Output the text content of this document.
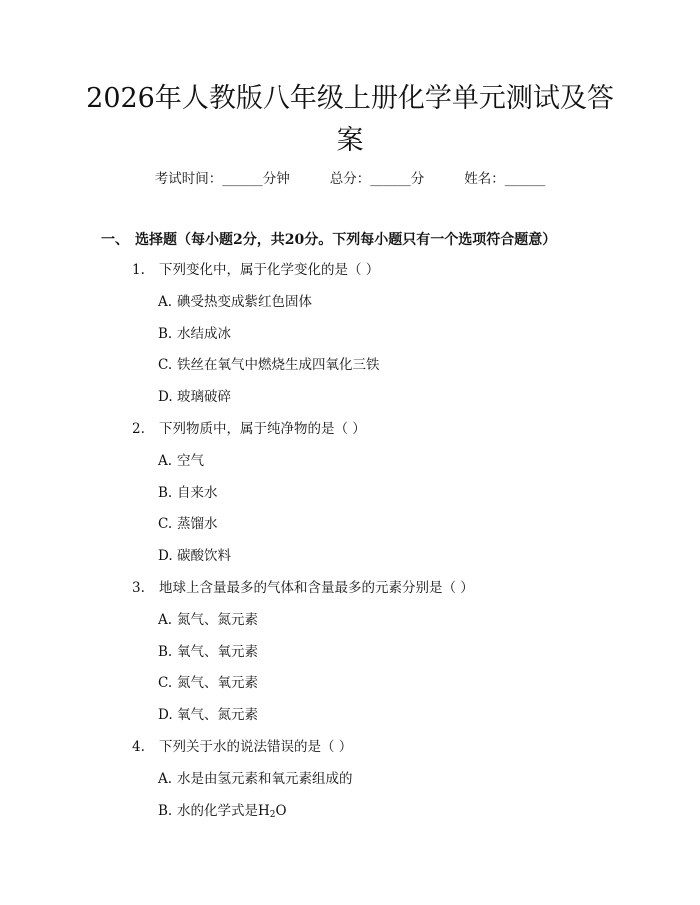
2026年人教版八年级上册化学单元测试及答
案
考试时间：______分钟	总分：______分	姓名：______
一、 选择题（每小题2分，共20分。下列每小题只有一个选项符合题意）
1. 下列变化中，属于化学变化的是（ ）
A. 碘受热变成紫红色固体
B. 水结成冰
C. 铁丝在氧气中燃烧生成四氧化三铁
D. 玻璃破碎
2. 下列物质中，属于纯净物的是（ ）
A. 空气
B. 自来水
C. 蒸馏水
D. 碳酸饮料
3. 地球上含量最多的气体和含量最多的元素分别是（ ）
A. 氮气、氮元素
B. 氧气、氧元素
C. 氮气、氧元素
D. 氧气、氮元素
4. 下列关于水的说法错误的是（ ）
A. 水是由氢元素和氧元素组成的
B. 水的化学式是$H_2O$
